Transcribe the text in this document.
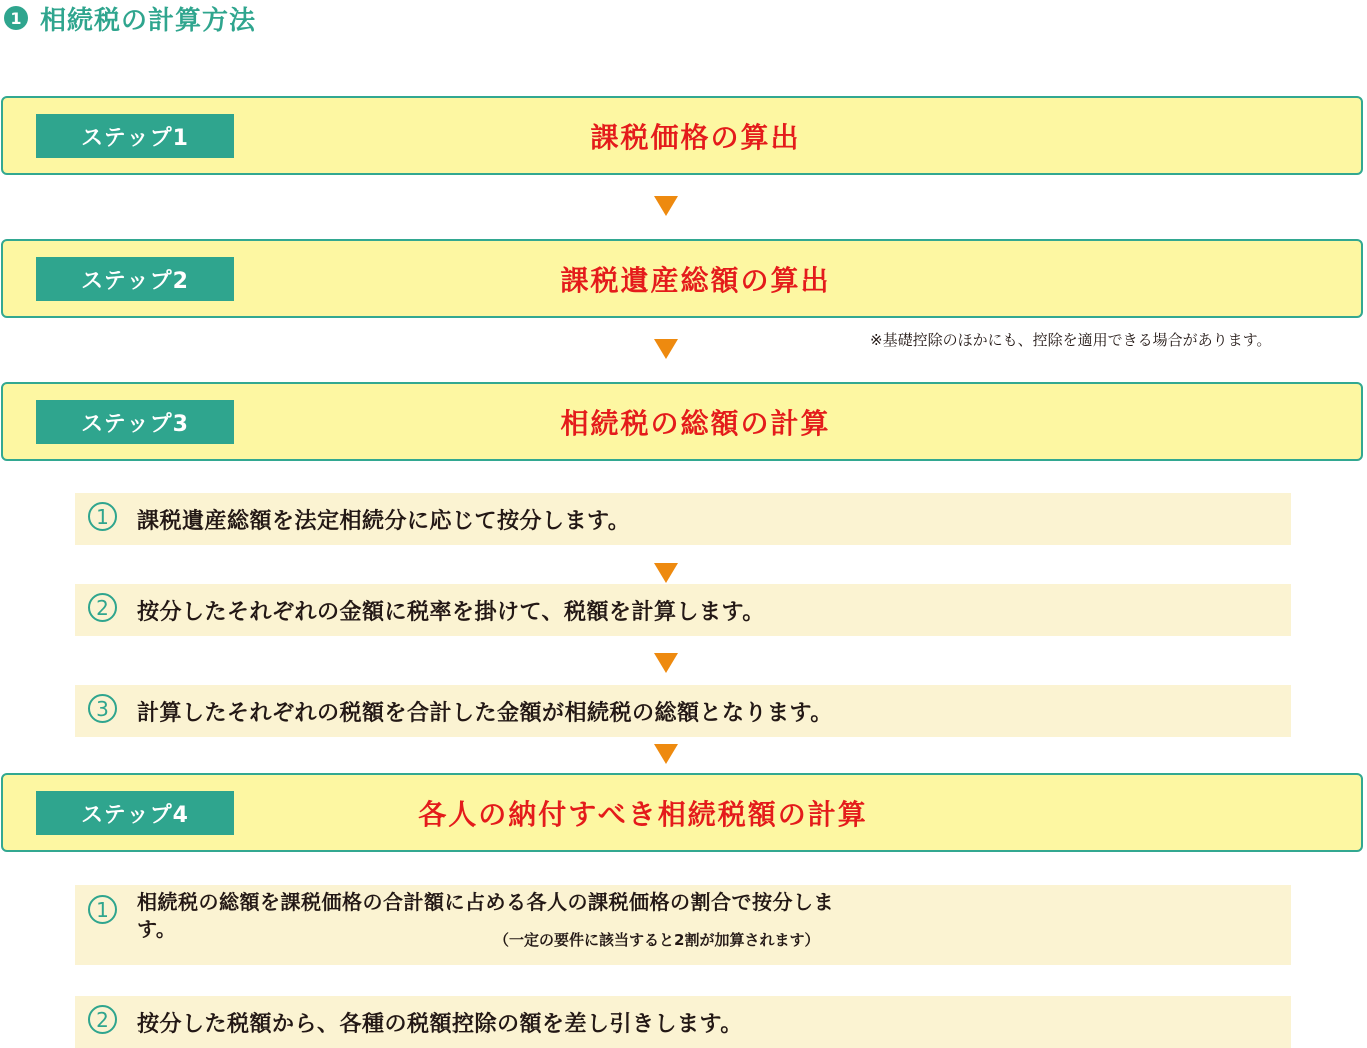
1 相続税の計算方法
ステップ1	課税価格の算出
ステップ2	課税遺産総額の算出
※基礎控除のほかにも、控除を適用できる場合があります。
ステップ3	相続税の総額の計算
1	課税遺産総額を法定相続分に応じて按分します。
2	按分したそれぞれの金額に税率を掛けて、税額を計算します。
3	計算したそれぞれの税額を合計した金額が相続税の総額となります。
ステップ4	各人の納付すべき相続税額の計算
1	相続税の総額を課税価格の合計額に占める各人の課税価格の割合で按分します。	（一定の要件に該当すると2割が加算されます）
2	按分した税額から、各種の税額控除の額を差し引きします。
